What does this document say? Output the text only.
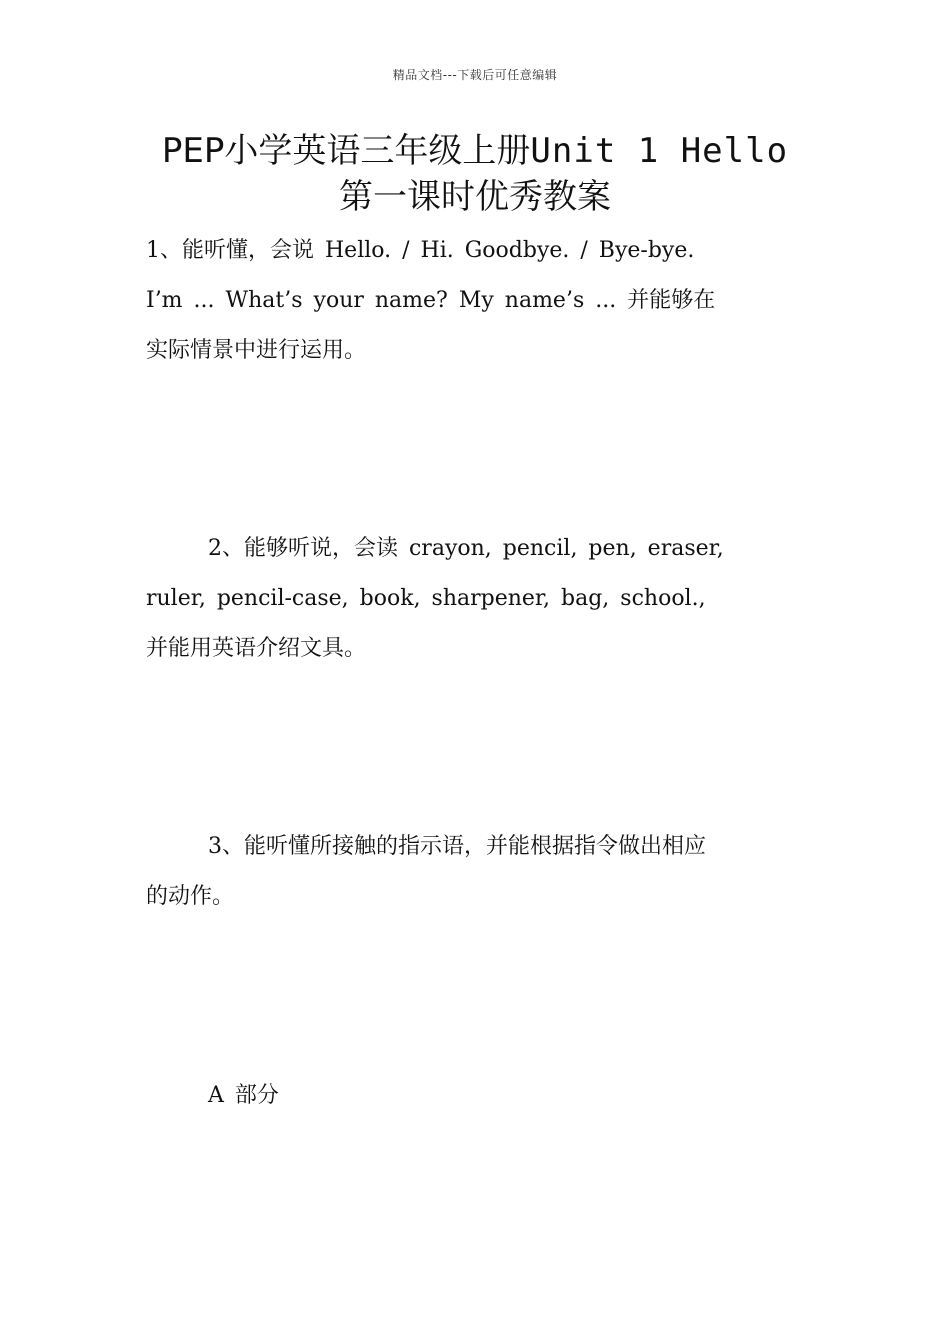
精品文档---下载后可任意编辑
PEP小学英语三年级上册Unit 1 Hello
第一课时优秀教案
1、能听懂，会说 Hello. / Hi. Goodbye. / Bye-bye.
I’m ... What’s your name? My name’s ... 并能够在
实际情景中进行运用。
2、能够听说，会读 crayon, pencil, pen, eraser,
ruler, pencil-case, book, sharpener, bag, school.,
并能用英语介绍文具。
3、能听懂所接触的指示语，并能根据指令做出相应
的动作。
A 部分
